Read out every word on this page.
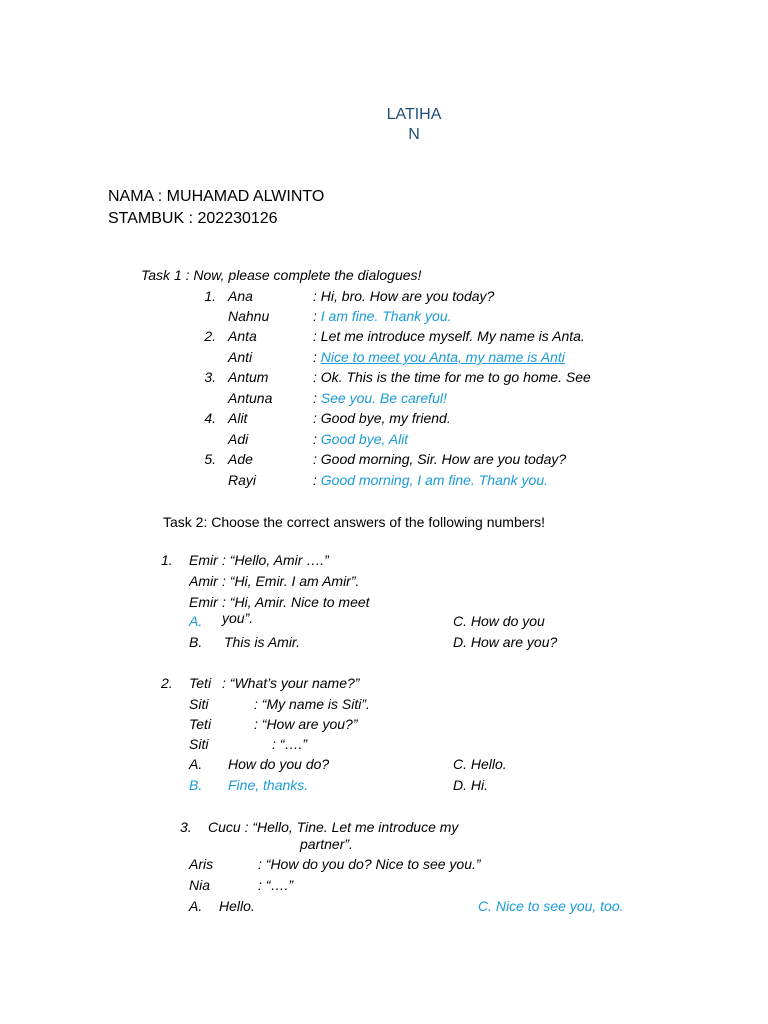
LATIHA
N
NAMA : MUHAMAD ALWINTO
STAMBUK : 202230126
Task 1 : Now, please complete the dialogues!
1. Ana	: Hi, bro. How are you today?
Nahnu	: I am fine. Thank you.
2. Anta	: Let me introduce myself. My name is Anta.
Anti	: Nice to meet you Anta, my name is Anti
3. Antum	: Ok. This is the time for me to go home. See
Antuna	: See you. Be careful!
4. Alit	: Good bye, my friend.
Adi	: Good bye, Alit
5. Ade	: Good morning, Sir. How are you today?
Rayi	: Good morning, I am fine. Thank you.
Task 2: Choose the correct answers of the following numbers!
1. Emir : “Hello, Amir ….”
Amir : “Hi, Emir. I am Amir”.
Emir : “Hi, Amir. Nice to meet
you”.
A.
B. This is Amir.
C. How do you
D. How are you?
2. Teti : “What’s your name?”
Siti	: “My name is Siti”.
Teti	: “How are you?”
Siti	: “….”
A. How do you do?
B. Fine, thanks.
C. Hello.
D. Hi.
3. Cucu : “Hello, Tine. Let me introduce my
partner”.
Aris	: “How do you do? Nice to see you.”
Nia	: “….”
A. Hello.	C. Nice to see you, too.
